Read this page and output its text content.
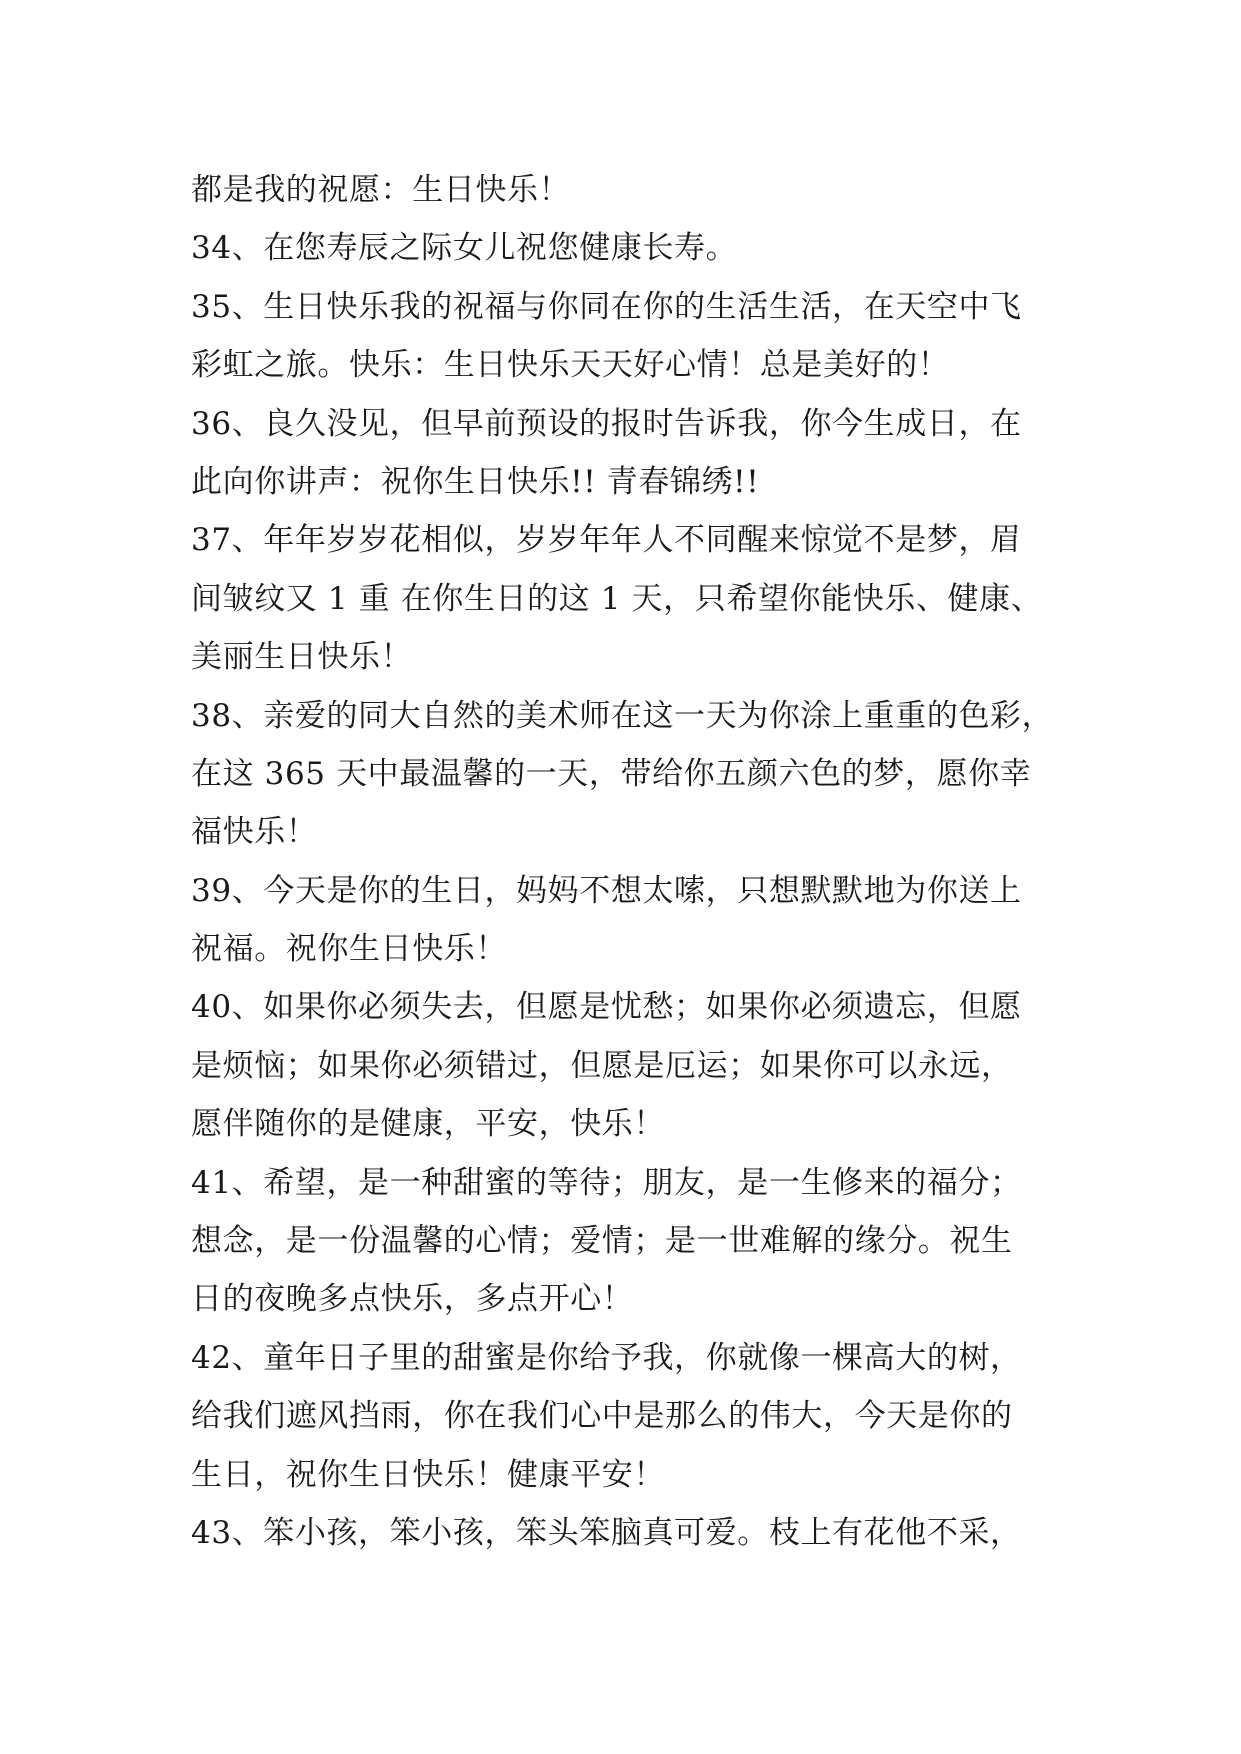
都是我的祝愿：生日快乐！
34、在您寿辰之际女儿祝您健康长寿。
35、生日快乐我的祝福与你同在你的生活生活，在天空中飞
彩虹之旅。快乐：生日快乐天天好心情！总是美好的！
36、良久没见，但早前预设的报时告诉我，你今生成日，在
此向你讲声：祝你生日快乐!! 青春锦绣!!
37、年年岁岁花相似，岁岁年年人不同醒来惊觉不是梦，眉
间皱纹又 1 重 在你生日的这 1 天，只希望你能快乐、健康、
美丽生日快乐！
38、亲爱的同大自然的美术师在这一天为你涂上重重的色彩，
在这 365 天中最温馨的一天，带给你五颜六色的梦，愿你幸
福快乐！
39、今天是你的生日，妈妈不想太嗦，只想默默地为你送上
祝福。祝你生日快乐！
40、如果你必须失去，但愿是忧愁；如果你必须遗忘，但愿
是烦恼；如果你必须错过，但愿是厄运；如果你可以永远，
愿伴随你的是健康，平安，快乐！
41、希望，是一种甜蜜的等待；朋友，是一生修来的福分；
想念，是一份温馨的心情；爱情；是一世难解的缘分。祝生
日的夜晚多点快乐，多点开心！
42、童年日子里的甜蜜是你给予我，你就像一棵高大的树，
给我们遮风挡雨，你在我们心中是那么的伟大，今天是你的
生日，祝你生日快乐！健康平安！
43、笨小孩，笨小孩，笨头笨脑真可爱。枝上有花他不采，
